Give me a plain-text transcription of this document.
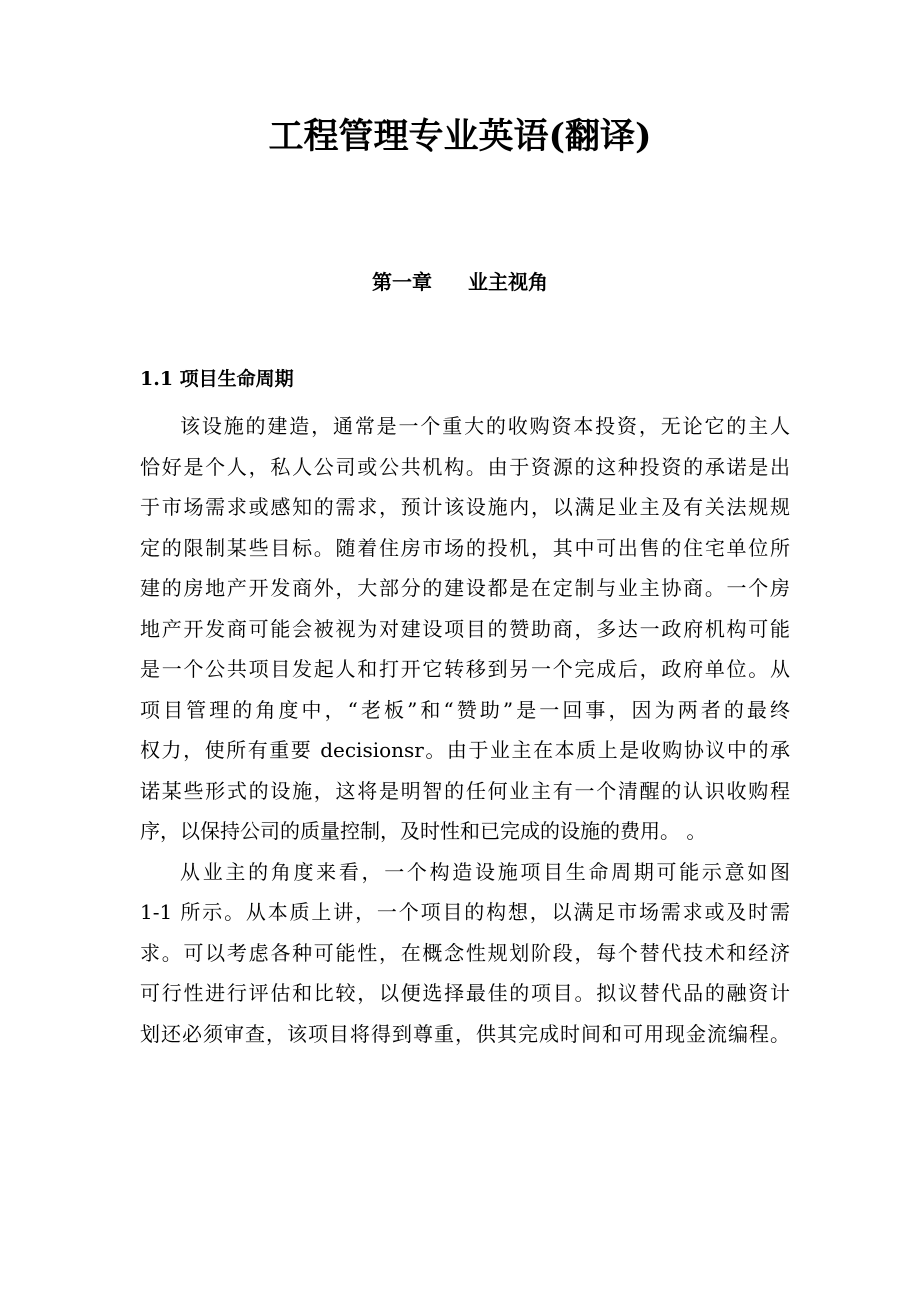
工程管理专业英语(翻译)
第一章 业主视角
1.1 项目生命周期
该设施的建造，通常是一个重大的收购资本投资，无论它的主人
恰好是个人，私人公司或公共机构。由于资源的这种投资的承诺是出
于市场需求或感知的需求，预计该设施内，以满足业主及有关法规规
定的限制某些目标。随着住房市场的投机，其中可出售的住宅单位所
建的房地产开发商外，大部分的建设都是在定制与业主协商。一个房
地产开发商可能会被视为对建设项目的赞助商，多达一政府机构可能
是一个公共项目发起人和打开它转移到另一个完成后，政府单位。从
项目管理的角度中，“老板”和“赞助”是一回事，因为两者的最终
权力，使所有重要 decisionsr。由于业主在本质上是收购协议中的承
诺某些形式的设施，这将是明智的任何业主有一个清醒的认识收购程
序，以保持公司的质量控制，及时性和已完成的设施的费用。 。
从业主的角度来看，一个构造设施项目生命周期可能示意如图
1-1 所示。从本质上讲，一个项目的构想，以满足市场需求或及时需
求。可以考虑各种可能性，在概念性规划阶段，每个替代技术和经济
可行性进行评估和比较，以便选择最佳的项目。拟议替代品的融资计
划还必须审查，该项目将得到尊重，供其完成时间和可用现金流编程。
